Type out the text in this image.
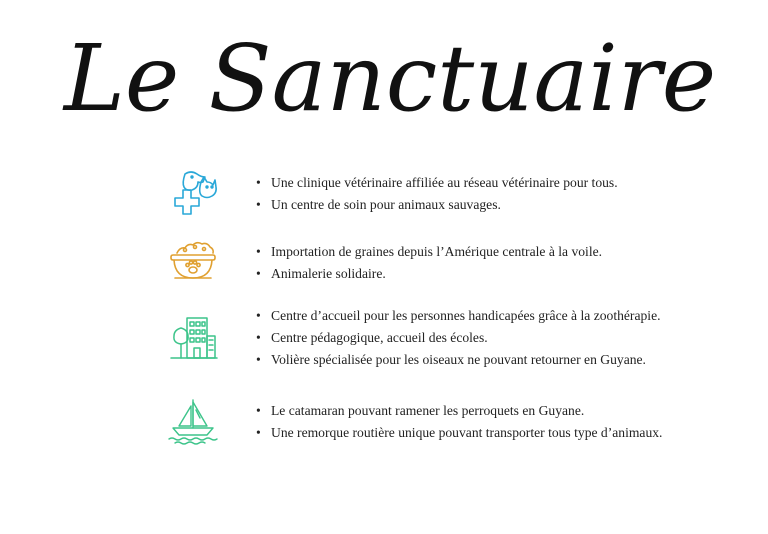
Le Sanctuaire
• Une clinique vétérinaire affiliée au réseau vétérinaire pour tous.
• Un centre de soin pour animaux sauvages.
• Importation de graines depuis l’Amérique centrale à la voile.
• Animalerie solidaire.
• Centre d’accueil pour les personnes handicapées grâce à la zoothérapie.
• Centre pédagogique, accueil des écoles.
• Volière spécialisée pour les oiseaux ne pouvant retourner en Guyane.
• Le catamaran pouvant ramener les perroquets en Guyane.
• Une remorque routière unique pouvant transporter tous type d’animaux.
